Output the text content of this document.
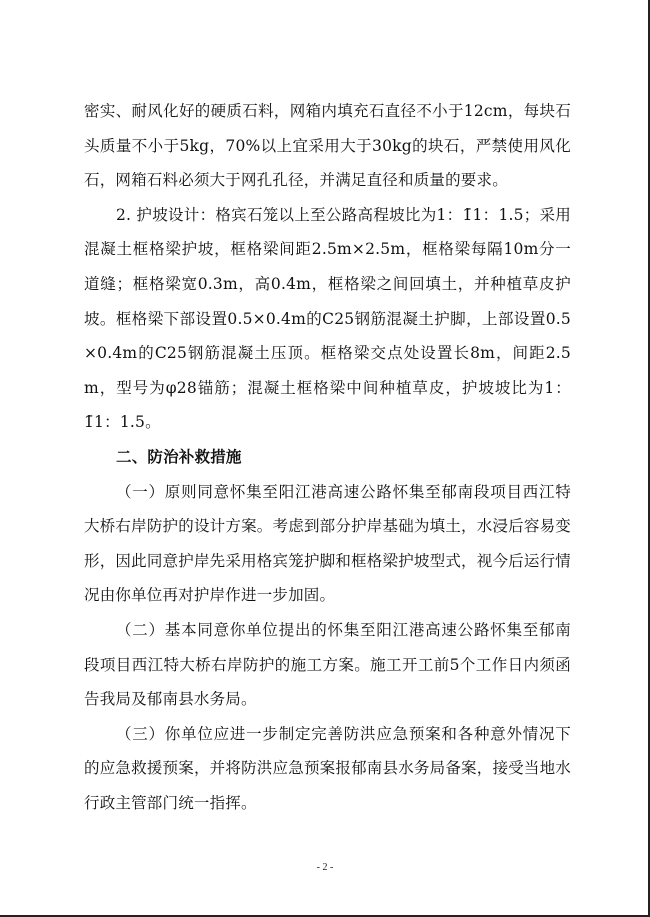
密实、耐风化好的硬质石料，网箱内填充石直径不小于12cm，每块石头质量不小于5kg，70%以上宜采用大于30kg的块石，严禁使用风化石，网箱石料必须大于网孔孔径，并满足直径和质量的要求。

2. 护坡设计：格宾石笼以上至公路高程坡比为1：1̄1：1.5；采用混凝土框格梁护坡，框格梁间距2.5m×2.5m，框格梁每隔10m分一道缝；框格梁宽0.3m，高0.4m，框格梁之间回填土，并种植草皮护坡。框格梁下部设置0.5×0.4m的C25钢筋混凝土护脚，上部设置0.5×0.4m的C25钢筋混凝土压顶。框格梁交点处设置长8m，间距2.5m，型号为φ28锚筋；混凝土框格梁中间种植草皮，护坡坡比为1：1̄1：1.5。

二、防治补救措施

（一）原则同意怀集至阳江港高速公路怀集至郁南段项目西江特大桥右岸防护的设计方案。考虑到部分护岸基础为填土，水浸后容易变形，因此同意护岸先采用格宾笼护脚和框格梁护坡型式，视今后运行情况由你单位再对护岸作进一步加固。

（二）基本同意你单位提出的怀集至阳江港高速公路怀集至郁南段项目西江特大桥右岸防护的施工方案。施工开工前5个工作日内须函告我局及郁南县水务局。

（三）你单位应进一步制定完善防洪应急预案和各种意外情况下的应急救援预案，并将防洪应急预案报郁南县水务局备案，接受当地水行政主管部门统一指挥。

- 2 -
